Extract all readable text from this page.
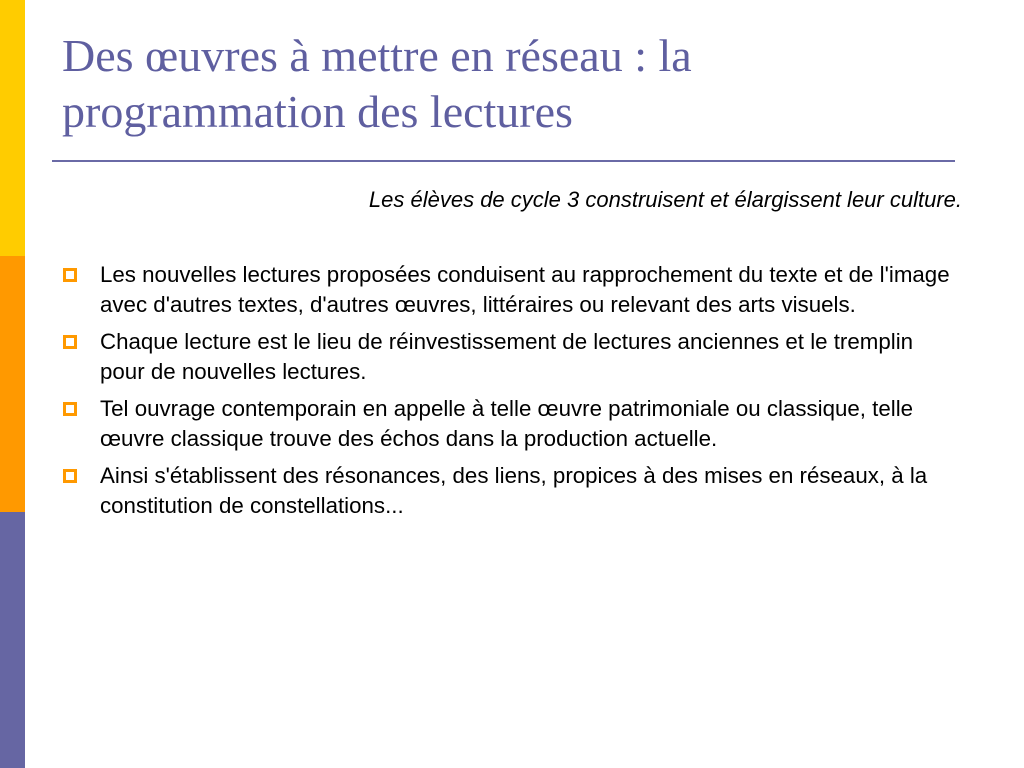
Des œuvres à mettre en réseau : la programmation des lectures

Les élèves de cycle 3 construisent et élargissent leur culture.

Les nouvelles lectures proposées conduisent au rapprochement du texte et de l'image avec d'autres textes, d'autres œuvres, littéraires ou relevant des arts visuels.
Chaque lecture est le lieu de réinvestissement de lectures anciennes et le tremplin pour de nouvelles lectures.
Tel ouvrage contemporain en appelle à telle œuvre patrimoniale ou classique, telle œuvre classique trouve des échos dans la production actuelle.
Ainsi s'établissent des résonances, des liens, propices à des mises en réseaux, à la constitution de constellations...
